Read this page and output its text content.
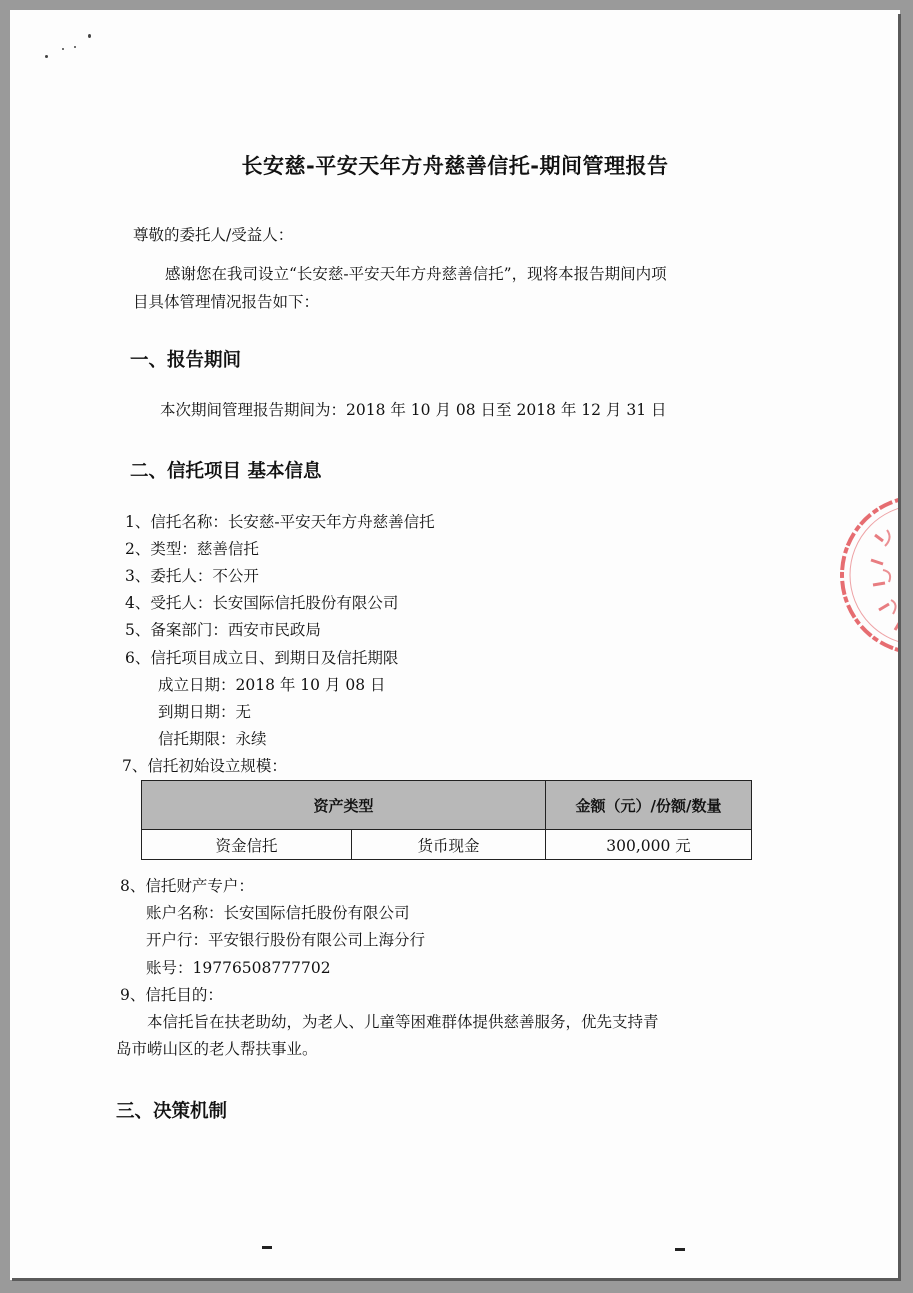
长安慈-平安天年方舟慈善信托-期间管理报告
尊敬的委托人/受益人：
感谢您在我司设立“长安慈-平安天年方舟慈善信托”，现将本报告期间内项
目具体管理情况报告如下：
一、报告期间
本次期间管理报告期间为：2018 年 10 月 08 日至 2018 年 12 月 31 日
二、信托项目 基本信息
1、信托名称：长安慈-平安天年方舟慈善信托
2、类型：慈善信托
3、委托人：不公开
4、受托人：长安国际信托股份有限公司
5、备案部门：西安市民政局
6、信托项目成立日、到期日及信托期限
成立日期：2018 年 10 月 08 日
到期日期：无
信托期限：永续
7、信托初始设立规模：
资产类型		金额（元）/份额/数量
资金信托	货币现金	300,000 元
8、信托财产专户：
账户名称：长安国际信托股份有限公司
开户行：平安银行股份有限公司上海分行
账号：19776508777702
9、信托目的：
本信托旨在扶老助幼，为老人、儿童等困难群体提供慈善服务，优先支持青
岛市崂山区的老人帮扶事业。
三、决策机制
